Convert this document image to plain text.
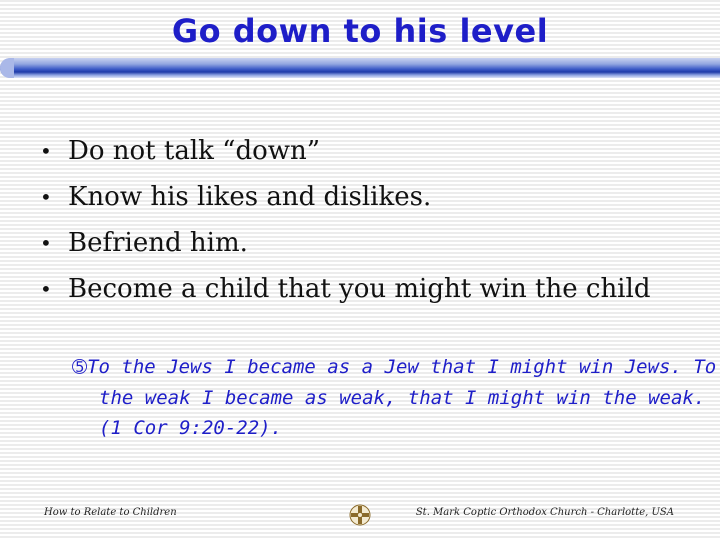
Go down to his level
• Do not talk “down”
• Know his likes and dislikes.
• Befriend him.
• Become a child that you might win the child
➄To the Jews I became as a Jew that I might win Jews. To the weak I became as weak, that I might win the weak. (1 Cor 9:20-22).
How to Relate to Children	St. Mark Coptic Orthodox Church - Charlotte, USA
